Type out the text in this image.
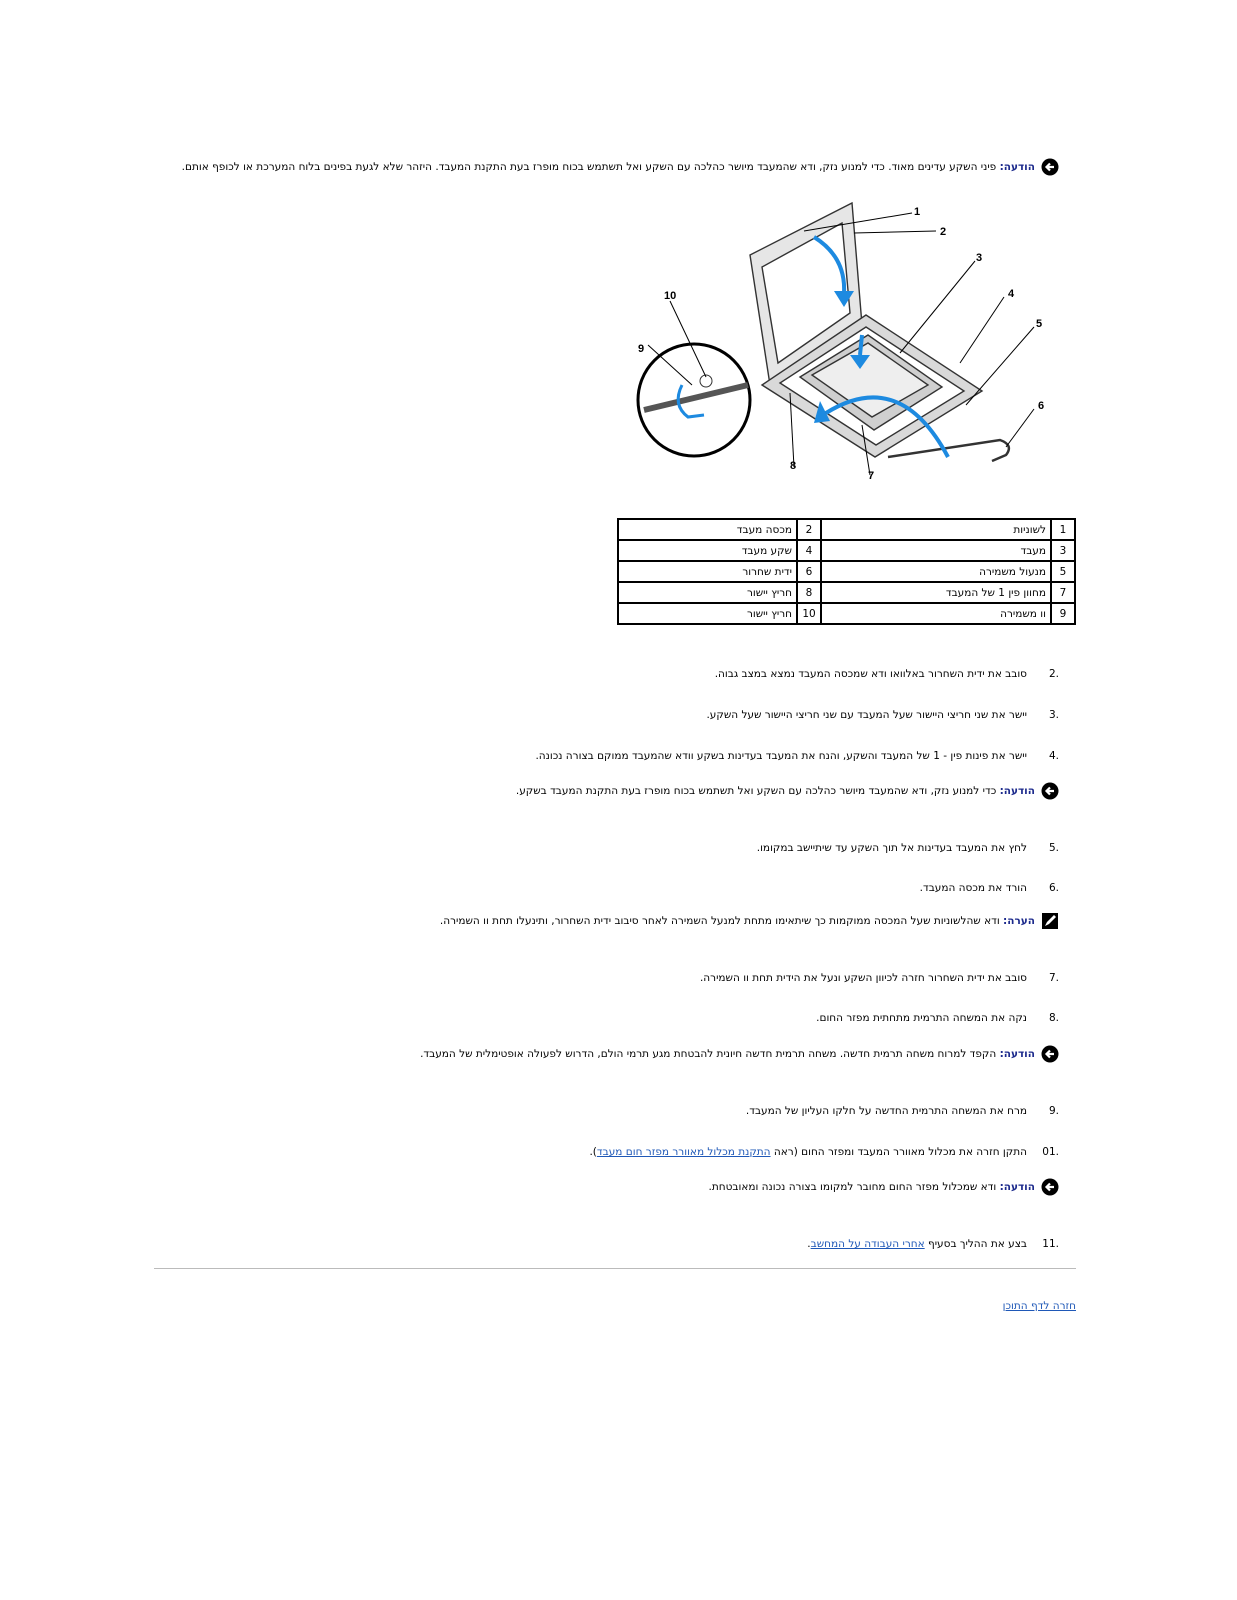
הודעה: פיני השקע עדינים מאוד. כדי למנוע נזק, ודא שהמעבד מיושר כהלכה עם השקע ואל תשתמש בכוח מופרז בעת התקנת המעבד. היזהר שלא לגעת בפינים בלוח המערכת או לכופף אותם.
1
2
3
4
5
6
7
8
9
10
1	לשוניות	2	מכסה מעבד
3	מעבד	4	שקע מעבד
5	מנעול משמירה	6	ידית שחרור
7	מחוון פין 1 של המעבד	8	חריץ יישור
9	וו משמירה	10	חריץ יישור
2.
סובב את ידית השחרור באלוואו ודא שמכסה המעבד נמצא במצב גבוה.
3.
יישר את שני חריצי היישור שעל המעבד עם שני חריצי היישור שעל השקע.
4.
יישר את פינות פין - 1 של המעבד והשקע, והנח את המעבד בעדינות בשקע וודא שהמעבד ממוקם בצורה נכונה.
הודעה: כדי למנוע נזק, ודא שהמעבד מיושר כהלכה עם השקע ואל תשתמש בכוח מופרז בעת התקנת המעבד בשקע.
5.
לחץ את המעבד בעדינות אל תוך השקע עד שיתיישב במקומו.
6.
הורד את מכסה המעבד.
הערה: ודא שהלשוניות שעל המכסה ממוקמות כך שיתאימו מתחת למנעל השמירה לאחר סיבוב ידית השחרור, ותינעלו תחת וו השמירה.
7.
סובב את ידית השחרור חזרה לכיוון השקע ונעל את הידית תחת וו השמירה.
8.
נקה את המשחה התרמית מתחתית מפזר החום.
הודעה: הקפד למרוח משחה תרמית חדשה. משחה תרמית חדשה חיונית להבטחת מגע תרמי הולם, הדרוש לפעולה אופטימלית של המעבד.
9.
מרח את המשחה התרמית החדשה על חלקו העליון של המעבד.
01.
התקן חזרה את מכלול מאוורר המעבד ומפזר החום (ראה התקנת מכלול מאוורר מפזר חום מעבד).
הודעה: ודא שמכלול מפזר החום מחובר למקומו בצורה נכונה ומאובטחת.
11.
בצע את ההליך בסעיף אחרי העבודה על המחשב.
חזרה לדף התוכן
